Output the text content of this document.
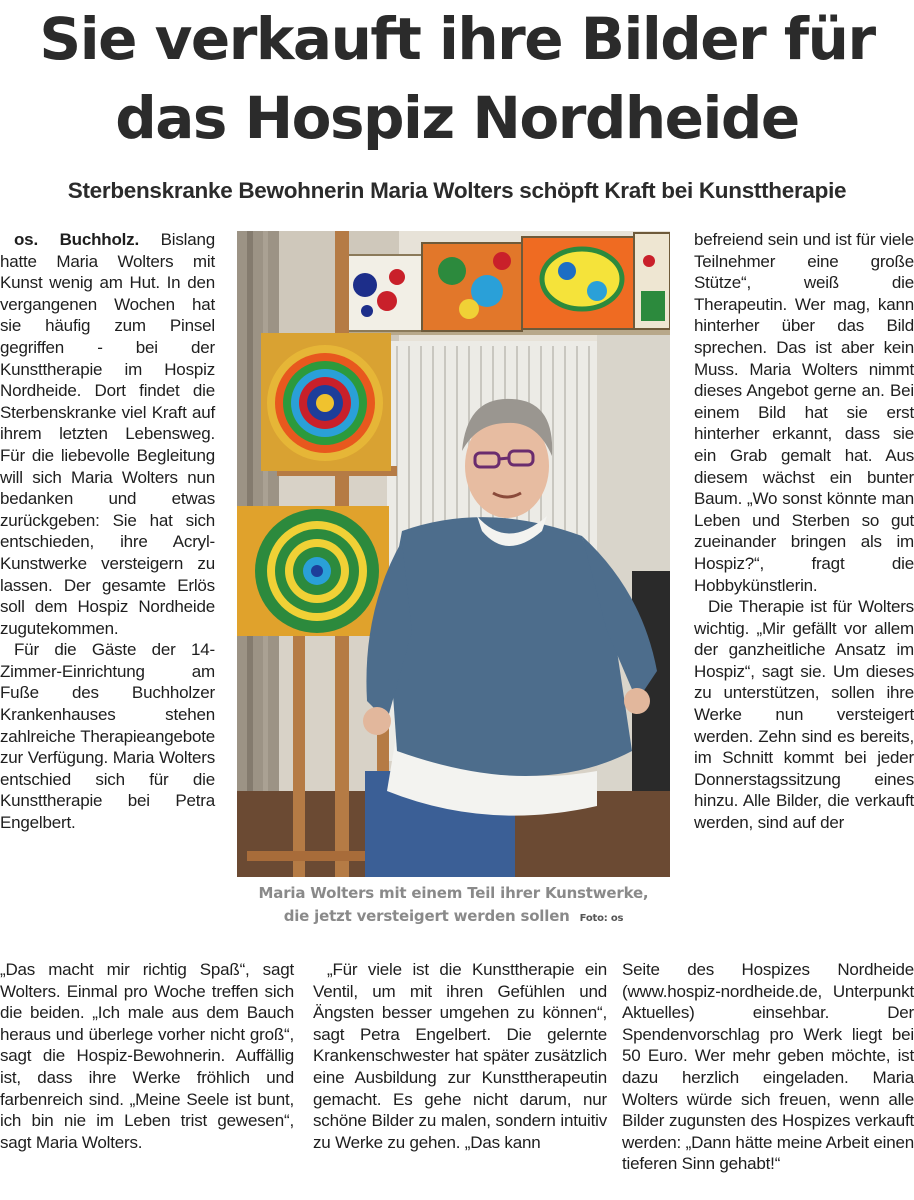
Sie verkauft ihre Bilder für
das Hospiz Nordheide
Sterbenskranke Bewohnerin Maria Wolters schöpft Kraft bei Kunsttherapie

os. Buchholz. Bislang hatte Maria Wolters mit Kunst wenig am Hut. In den vergangenen Wochen hat sie häufig zum Pinsel gegriffen - bei der Kunsttherapie im Hospiz Nordheide. Dort findet die Sterbenskranke viel Kraft auf ihrem letzten Lebensweg. Für die liebevolle Begleitung will sich Maria Wolters nun bedanken und etwas zurückgeben: Sie hat sich entschieden, ihre Acryl-Kunstwerke versteigern zu lassen. Der gesamte Erlös soll dem Hospiz Nordheide zugutekommen.

Für die Gäste der 14-Zimmer-Einrichtung am Fuße des Buchholzer Krankenhauses stehen zahlreiche Therapieangebote zur Verfügung. Maria Wolters entschied sich für die Kunsttherapie bei Petra Engelbert.

Maria Wolters mit einem Teil ihrer Kunstwerke,
die jetzt versteigert werden sollen Foto: os

befreiend sein und ist für viele Teilnehmer eine große Stütze“, weiß die Therapeutin. Wer mag, kann hinterher über das Bild sprechen. Das ist aber kein Muss. Maria Wolters nimmt dieses Angebot gerne an. Bei einem Bild hat sie erst hinterher erkannt, dass sie ein Grab gemalt hat. Aus diesem wächst ein bunter Baum. „Wo sonst könnte man Leben und Sterben so gut zueinander bringen als im Hospiz?“, fragt die Hobbykünstlerin.

Die Therapie ist für Wolters wichtig. „Mir gefällt vor allem der ganzheitliche Ansatz im Hospiz“, sagt sie. Um dieses zu unterstützen, sollen ihre Werke nun versteigert werden. Zehn sind es bereits, im Schnitt kommt bei jeder Donnerstagssitzung eines hinzu. Alle Bilder, die verkauft werden, sind auf der

„Das macht mir richtig Spaß“, sagt Wolters. Einmal pro Woche treffen sich die beiden. „Ich male aus dem Bauch heraus und überlege vorher nicht groß“, sagt die Hospiz-Bewohnerin. Auffällig ist, dass ihre Werke fröhlich und farbenreich sind. „Meine Seele ist bunt, ich bin nie im Leben trist gewesen“, sagt Maria Wolters.

„Für viele ist die Kunsttherapie ein Ventil, um mit ihren Gefühlen und Ängsten besser umgehen zu können“, sagt Petra Engelbert. Die gelernte Krankenschwester hat später zusätzlich eine Ausbildung zur Kunsttherapeutin gemacht. Es gehe nicht darum, nur schöne Bilder zu malen, sondern intuitiv zu Werke zu gehen. „Das kann

Seite des Hospizes Nordheide (www.hospiz-nordheide.de, Unterpunkt Aktuelles) einsehbar. Der Spendenvorschlag pro Werk liegt bei 50 Euro. Wer mehr geben möchte, ist dazu herzlich eingeladen. Maria Wolters würde sich freuen, wenn alle Bilder zugunsten des Hospizes verkauft werden: „Dann hätte meine Arbeit einen tieferen Sinn gehabt!“
